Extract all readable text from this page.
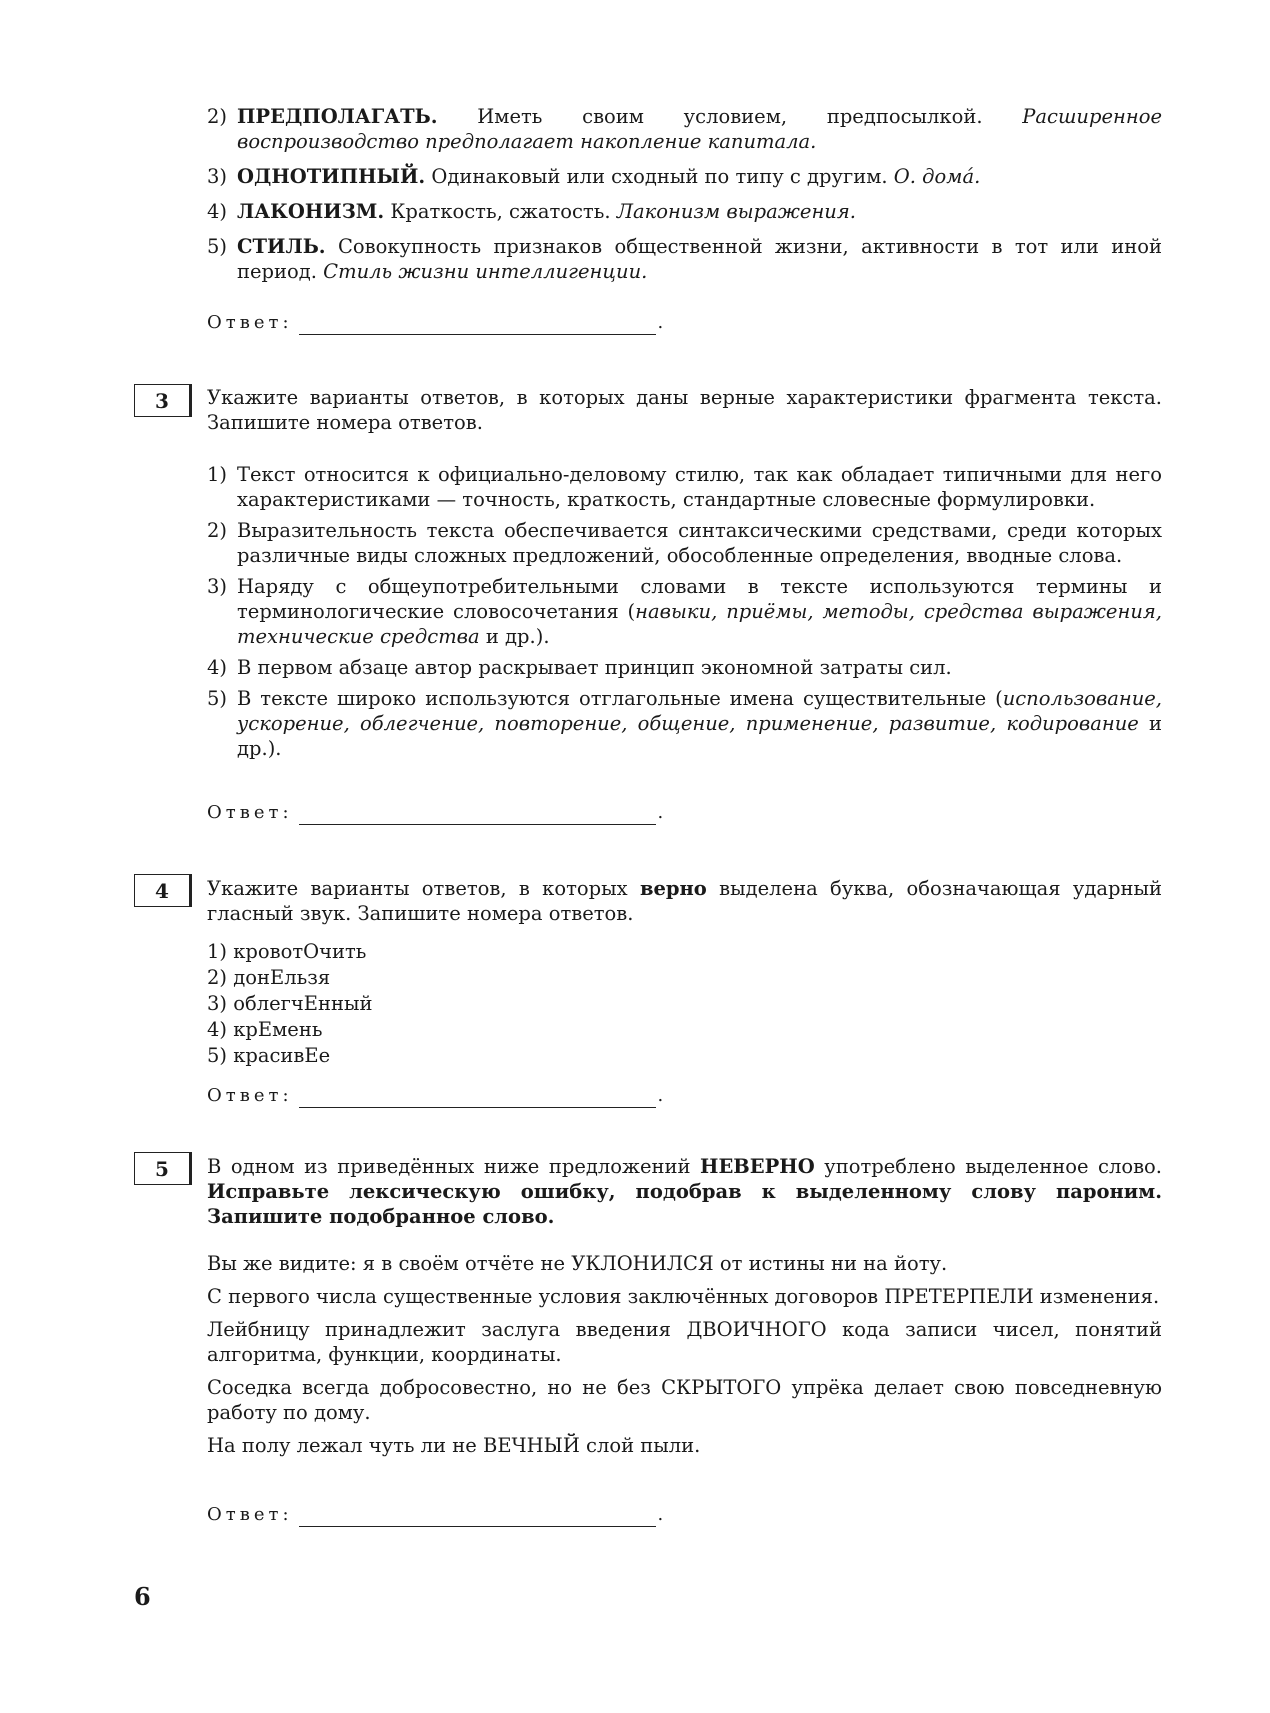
2) ПРЕДПОЛАГАТЬ. Иметь своим условием, предпосылкой. Расширенное воспроизводство предполагает накопление капитала.
3) ОДНОТИПНЫЙ. Одинаковый или сходный по типу с другим. О. домá.
4) ЛАКОНИЗМ. Краткость, сжатость. Лаконизм выражения.
5) СТИЛЬ. Совокупность признаков общественной жизни, активности в тот или иной период. Стиль жизни интеллигенции.
Ответ:	.
3	Укажите варианты ответов, в которых даны верные характеристики фрагмента текста. Запишите номера ответов.
1) Текст относится к официально-деловому стилю, так как обладает типичными для него характеристиками — точность, краткость, стандартные словесные формулировки.
2) Выразительность текста обеспечивается синтаксическими средствами, среди которых различные виды сложных предложений, обособленные определения, вводные слова.
3) Наряду с общеупотребительными словами в тексте используются термины и терминологические словосочетания (навыки, приёмы, методы, средства выражения, технические средства и др.).
4) В первом абзаце автор раскрывает принцип экономной затраты сил.
5) В тексте широко используются отглагольные имена существительные (использование, ускорение, облегчение, повторение, общение, применение, развитие, кодирование и др.).
Ответ:	.
4	Укажите варианты ответов, в которых верно выделена буква, обозначающая ударный гласный звук. Запишите номера ответов.
1) кровотОчить
2) донЕльзя
3) облегчЕнный
4) крЕмень
5) красивЕе
Ответ:	.
5	В одном из приведённых ниже предложений НЕВЕРНО употреблено выделенное слово. Исправьте лексическую ошибку, подобрав к выделенному слову пароним. Запишите подобранное слово.
Вы же видите: я в своём отчёте не УКЛОНИЛСЯ от истины ни на йоту.
С первого числа существенные условия заключённых договоров ПРЕТЕРПЕЛИ изменения.
Лейбницу принадлежит заслуга введения ДВОИЧНОГО кода записи чисел, понятий алгоритма, функции, координаты.
Соседка всегда добросовестно, но не без СКРЫТОГО упрёка делает свою повседневную работу по дому.
На полу лежал чуть ли не ВЕЧНЫЙ слой пыли.
Ответ:	.
6
